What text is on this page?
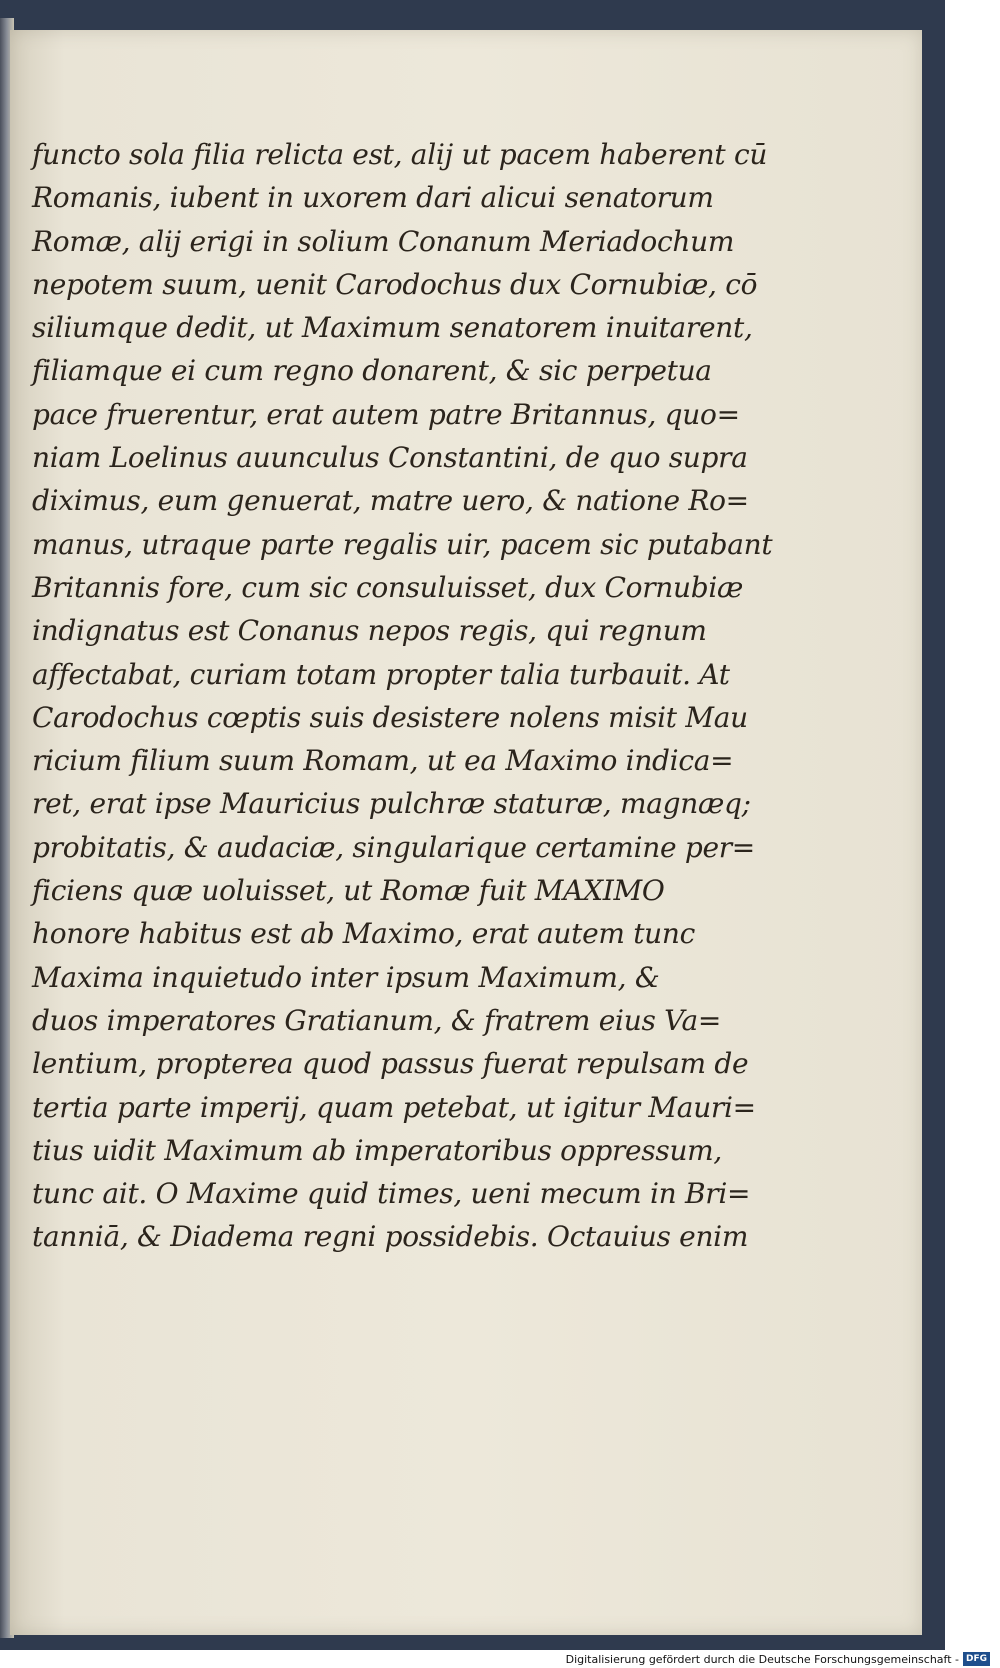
functo sola filia relicta est, alij ut pacem haberent cū
Romanis, iubent in uxorem dari alicui senatorum
Romæ, alij erigi in solium Conanum Meriadochum
nepotem suum, uenit Carodochus dux Cornubiæ, cō
siliumque dedit, ut Maximum senatorem inuitarent,
filiamque ei cum regno donarent, & sic perpetua
pace fruerentur, erat autem patre Britannus, quo=
niam Loelinus auunculus Constantini, de quo supra
diximus, eum genuerat, matre uero, & natione Ro=
manus, utraque parte regalis uir, pacem sic putabant
Britannis fore, cum sic consuluisset, dux Cornubiæ
indignatus est Conanus nepos regis, qui regnum
affectabat, curiam totam propter talia turbauit. At
Carodochus cœptis suis desistere nolens misit Mau
ricium filium suum Romam, ut ea Maximo indica=
ret, erat ipse Mauricius pulchræ staturæ, magnæq;
probitatis, & audaciæ, singularique certamine per=
ficiens quæ uoluisset, ut Romæ fuit MAXIMO
honore habitus est ab Maximo, erat autem tunc
Maxima inquietudo inter ipsum Maximum, &
duos imperatores Gratianum, & fratrem eius Va=
lentium, propterea quod passus fuerat repulsam de
tertia parte imperij, quam petebat, ut igitur Mauri=
tius uidit Maximum ab imperatoribus oppressum,
tunc ait. O Maxime quid times, ueni mecum in Bri=
tanniā, & Diadema regni possidebis. Octauius enim
Digitalisierung gefördert durch die Deutsche Forschungsgemeinschaft - DFG
